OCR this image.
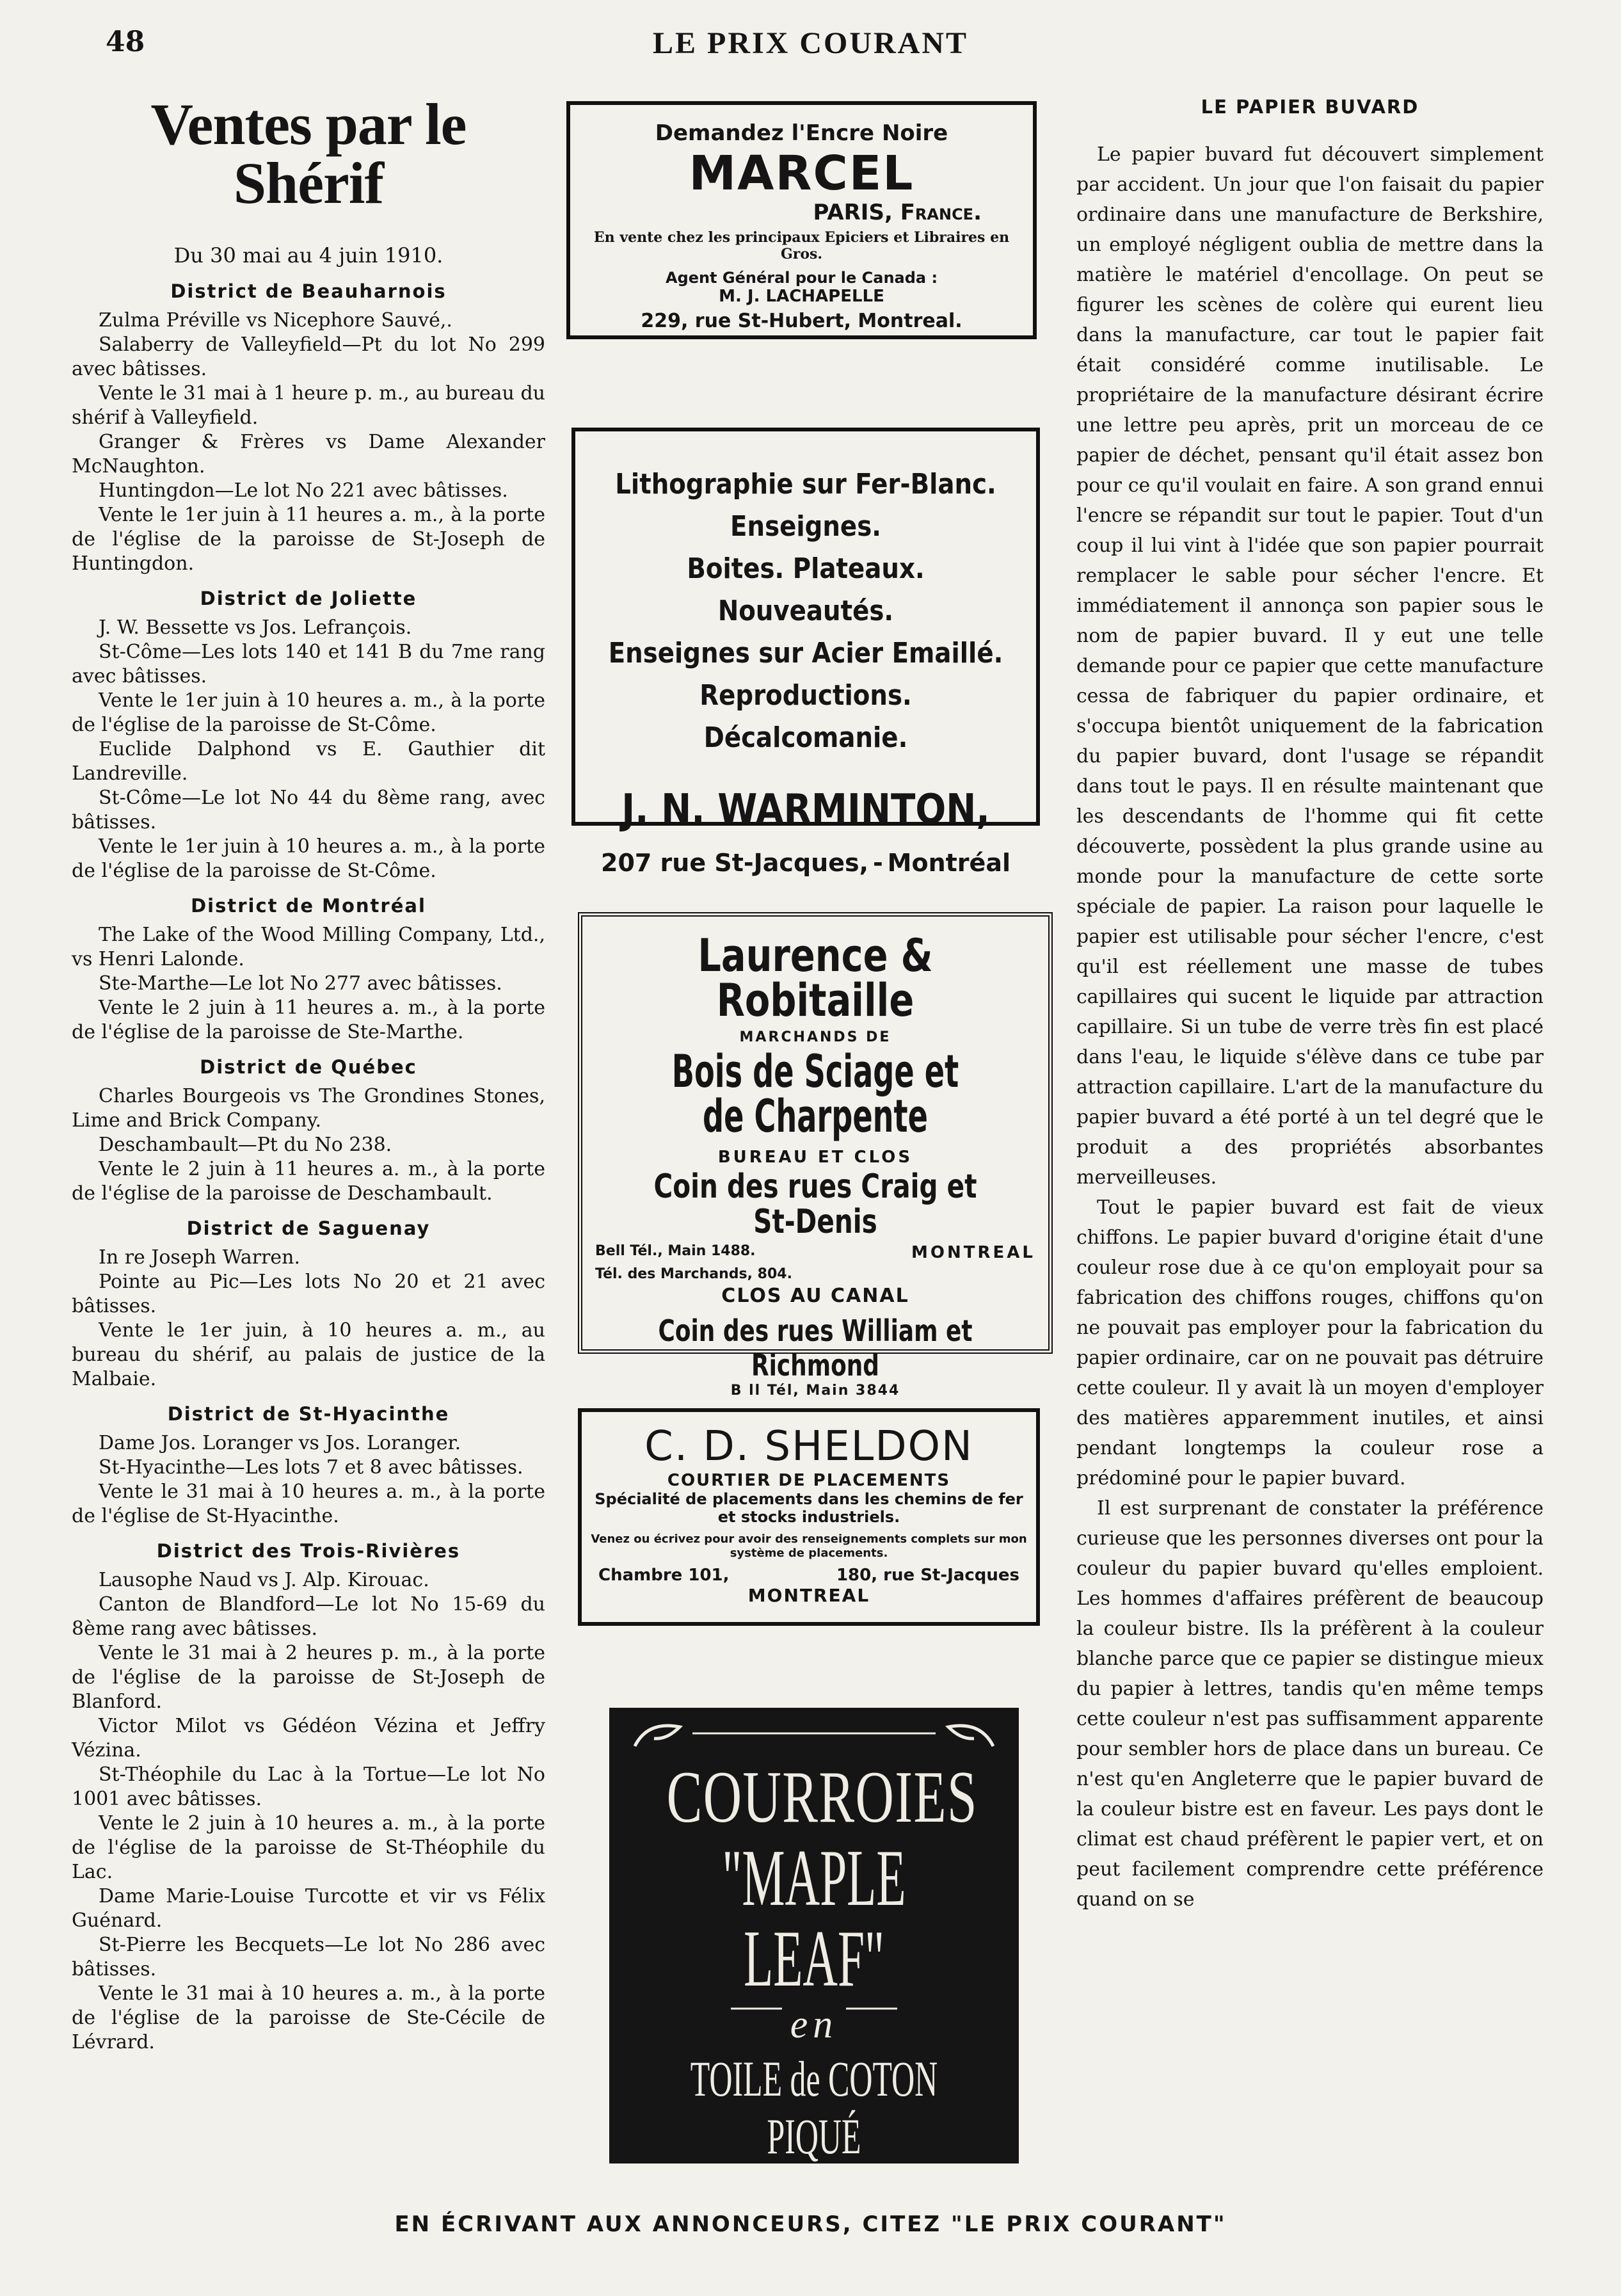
48	LE PRIX COURANT
Ventes par le Shérif
Du 30 mai au 4 juin 1910.
District de Beauharnois

Zulma Préville vs Nicephore Sauvé,.

Salaberry de Valleyfield—Pt du lot No 299 avec bâtisses.

Vente le 31 mai à 1 heure p. m., au bureau du shérif à Valleyfield.

Granger & Frères vs Dame Alexander McNaughton.

Huntingdon—Le lot No 221 avec bâtisses.

Vente le 1er juin à 11 heures a. m., à la porte de l'église de la paroisse de St-Joseph de Huntingdon.

District de Joliette

J. W. Bessette vs Jos. Lefrançois.

St-Côme—Les lots 140 et 141 B du 7me rang avec bâtisses.

Vente le 1er juin à 10 heures a. m., à la porte de l'église de la paroisse de St-Côme.

Euclide Dalphond vs E. Gauthier dit Landreville.

St-Côme—Le lot No 44 du 8ème rang, avec bâtisses.

Vente le 1er juin à 10 heures a. m., à la porte de l'église de la paroisse de St-Côme.

District de Montréal

The Lake of the Wood Milling Company, Ltd., vs Henri Lalonde.

Ste-Marthe—Le lot No 277 avec bâtisses.

Vente le 2 juin à 11 heures a. m., à la porte de l'église de la paroisse de Ste-Marthe.

District de Québec

Charles Bourgeois vs The Grondines Stones, Lime and Brick Company.

Deschambault—Pt du No 238.

Vente le 2 juin à 11 heures a. m., à la porte de l'église de la paroisse de Deschambault.

District de Saguenay

In re Joseph Warren.

Pointe au Pic—Les lots No 20 et 21 avec bâtisses.

Vente le 1er juin, à 10 heures a. m., au bureau du shérif, au palais de justice de la Malbaie.

District de St-Hyacinthe

Dame Jos. Loranger vs Jos. Loranger.

St-Hyacinthe—Les lots 7 et 8 avec bâtisses.

Vente le 31 mai à 10 heures a. m., à la porte de l'église de St-Hyacinthe.

District des Trois-Rivières

Lausophe Naud vs J. Alp. Kirouac.

Canton de Blandford—Le lot No 15-69 du 8ème rang avec bâtisses.

Vente le 31 mai à 2 heures p. m., à la porte de l'église de la paroisse de St-Joseph de Blanford.

Victor Milot vs Gédéon Vézina et Jeffry Vézina.

St-Théophile du Lac à la Tortue—Le lot No 1001 avec bâtisses.

Vente le 2 juin à 10 heures a. m., à la porte de l'église de la paroisse de St-Théophile du Lac.

Dame Marie-Louise Turcotte et vir vs Félix Guénard.

St-Pierre les Becquets—Le lot No 286 avec bâtisses.

Vente le 31 mai à 10 heures a. m., à la porte de l'église de la paroisse de Ste-Cécile de Lévrard.

Demandez l'Encre Noire
MARCEL
PARIS, France.
En vente chez les principaux Epiciers et Libraires en Gros.
Agent Général pour le Canada :
M. J. LACHAPELLE
229, rue St-Hubert, Montreal.
Lithographie sur Fer-Blanc.
Enseignes.
Boites. Plateaux. Nouveautés.
Enseignes sur Acier Emaillé.
Reproductions. Décalcomanie.
J. N. WARMINTON,
207 rue St-Jacques, - Montréal
Laurence & Robitaille
MARCHANDS DE
Bois de Sciage et de Charpente
BUREAU ET CLOS
Coin des rues Craig et St-Denis
Bell Tél., Main 1488.	MONTREAL
Tél. des Marchands, 804.
CLOS AU CANAL
Coin des rues William et Richmond
B ll Tél, Main 3844
C. D. SHELDON
COURTIER DE PLACEMENTS
Spécialité de placements dans les chemins de fer et stocks industriels.
Venez ou écrivez pour avoir des renseignements complets sur mon système de placements.
Chambre 101,	180, rue St-Jacques
MONTREAL
COURROIES
"MAPLE LEAF"
en
TOILE de COTON PIQUÉ
LE PAPIER BUVARD

Le papier buvard fut découvert simplement par accident. Un jour que l'on faisait du papier ordinaire dans une manufacture de Berkshire, un employé négligent oublia de mettre dans la matière le matériel d'encollage. On peut se figurer les scènes de colère qui eurent lieu dans la manufacture, car tout le papier fait était considéré comme inutilisable. Le propriétaire de la manufacture désirant écrire une lettre peu après, prit un morceau de ce papier de déchet, pensant qu'il était assez bon pour ce qu'il voulait en faire. A son grand ennui l'encre se répandit sur tout le papier. Tout d'un coup il lui vint à l'idée que son papier pourrait remplacer le sable pour sécher l'encre. Et immédiatement il annonça son papier sous le nom de papier buvard. Il y eut une telle demande pour ce papier que cette manufacture cessa de fabriquer du papier ordinaire, et s'occupa bientôt uniquement de la fabrication du papier buvard, dont l'usage se répandit dans tout le pays. Il en résulte maintenant que les descendants de l'homme qui fit cette découverte, possèdent la plus grande usine au monde pour la manufacture de cette sorte spéciale de papier. La raison pour laquelle le papier est utilisable pour sécher l'encre, c'est qu'il est réellement une masse de tubes capillaires qui sucent le liquide par attraction capillaire. Si un tube de verre très fin est placé dans l'eau, le liquide s'élève dans ce tube par attraction capillaire. L'art de la manufacture du papier buvard a été porté à un tel degré que le produit a des propriétés absorbantes merveilleuses.

Tout le papier buvard est fait de vieux chiffons. Le papier buvard d'origine était d'une couleur rose due à ce qu'on employait pour sa fabrication des chiffons rouges, chiffons qu'on ne pouvait pas employer pour la fabrication du papier ordinaire, car on ne pouvait pas détruire cette couleur. Il y avait là un moyen d'employer des matières apparemment inutiles, et ainsi pendant longtemps la couleur rose a prédominé pour le papier buvard.

Il est surprenant de constater la préférence curieuse que les personnes diverses ont pour la couleur du papier buvard qu'elles emploient. Les hommes d'affaires préfèrent de beaucoup la couleur bistre. Ils la préfèrent à la couleur blanche parce que ce papier se distingue mieux du papier à lettres, tandis qu'en même temps cette couleur n'est pas suffisamment apparente pour sembler hors de place dans un bureau. Ce n'est qu'en Angleterre que le papier buvard de la couleur bistre est en faveur. Les pays dont le climat est chaud préfèrent le papier vert, et on peut facilement comprendre cette préférence quand on se

EN ÉCRIVANT AUX ANNONCEURS, CITEZ "LE PRIX COURANT"
